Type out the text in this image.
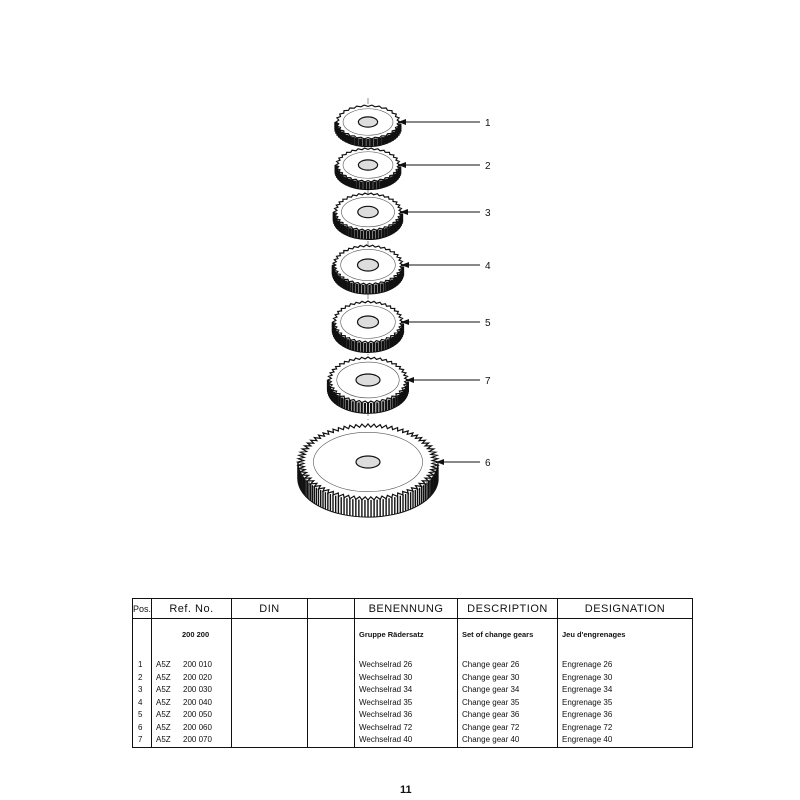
1
2
3
4
5
7
6
Pos.	Ref. No.	DIN		BENENNUNG	DESCRIPTION	DESIGNATION

	200 200			Gruppe Rädersatz	Set of change gears	Jeu d'engrenages

1	A5Z 200 010			Wechselrad 26	Change gear 26	Engrenage 26
2	A5Z 200 020			Wechselrad 30	Change gear 30	Engrenage 30
3	A5Z 200 030			Wechselrad 34	Change gear 34	Engrenage 34
4	A5Z 200 040			Wechselrad 35	Change gear 35	Engrenage 35
5	A5Z 200 050			Wechselrad 36	Change gear 36	Engrenage 36
6	A5Z 200 060			Wechselrad 72	Change gear 72	Engrenage 72
7	A5Z 200 070			Wechselrad 40	Change gear 40	Engrenage 40
11
